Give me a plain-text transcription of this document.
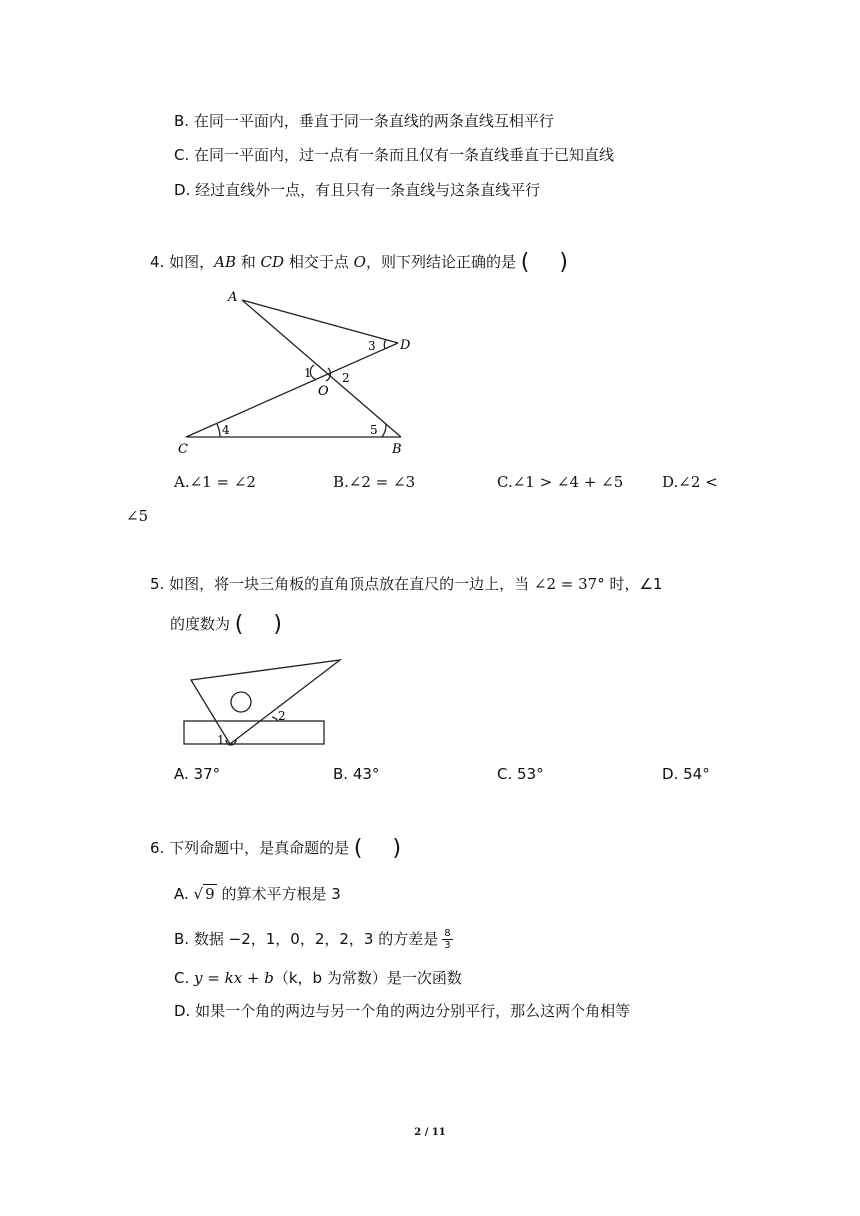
B. 在同一平面内，垂直于同一条直线的两条直线互相平行
C. 在同一平面内，过一点有一条而且仅有一条直线垂直于已知直线
D. 经过直线外一点，有且只有一条直线与这条直线平行
4. 如图，AB 和 CD 相交于点 O，则下列结论正确的是 ( )
A
D
3
1	2
O
4	5
C	B
A.∠1 = ∠2	B.∠2 = ∠3	C.∠1 > ∠4 + ∠5	D.∠2 <
∠5
5. 如图，将一块三角板的直角顶点放在直尺的一边上，当 ∠2 = 37° 时，∠1
的度数为 ( )
1
2
A. 37°	B. 43°	C. 53°	D. 54°
6. 下列命题中，是真命题的是 ( )
A. √ 9 的算术平方根是 3
B. 数据 −2，1，0，2，2，3 的方差是 $\frac{8}{3}$
C. y = kx + b（k，b 为常数）是一次函数
D. 如果一个角的两边与另一个角的两边分别平行，那么这两个角相等
2 / 11
